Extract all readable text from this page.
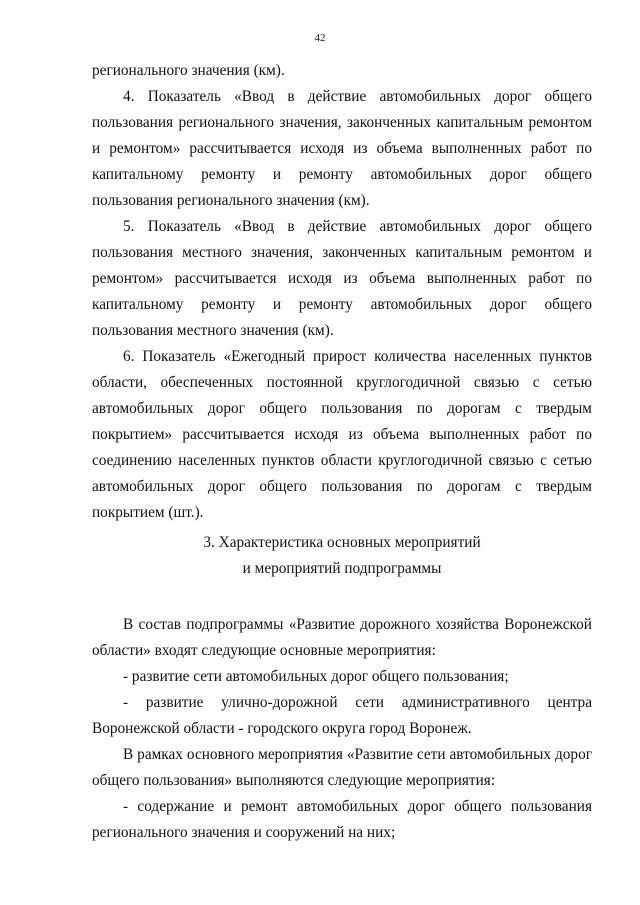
42

регионального значения (км).

4. Показатель «Ввод в действие автомобильных дорог общего пользования регионального значения, законченных капитальным ремонтом и ремонтом» рассчитывается исходя из объема выполненных работ по капитальному ремонту и ремонту автомобильных дорог общего пользования регионального значения (км).

5. Показатель «Ввод в действие автомобильных дорог общего пользования местного значения, законченных капитальным ремонтом и ремонтом» рассчитывается исходя из объема выполненных работ по капитальному ремонту и ремонту автомобильных дорог общего пользования местного значения (км).

6. Показатель «Ежегодный прирост количества населенных пунктов области, обеспеченных постоянной круглогодичной связью с сетью автомобильных дорог общего пользования по дорогам с твердым покрытием» рассчитывается исходя из объема выполненных работ по соединению населенных пунктов области круглогодичной связью с сетью автомобильных дорог общего пользования по дорогам с твердым покрытием (шт.).

3. Характеристика основных мероприятий

и мероприятий подпрограммы

В состав подпрограммы «Развитие дорожного хозяйства Воронежской области» входят следующие основные мероприятия:

- развитие сети автомобильных дорог общего пользования;

- развитие улично-дорожной сети административного центра Воронежской области - городского округа город Воронеж.

В рамках основного мероприятия «Развитие сети автомобильных дорог общего пользования» выполняются следующие мероприятия:

- содержание и ремонт автомобильных дорог общего пользования регионального значения и сооружений на них;
